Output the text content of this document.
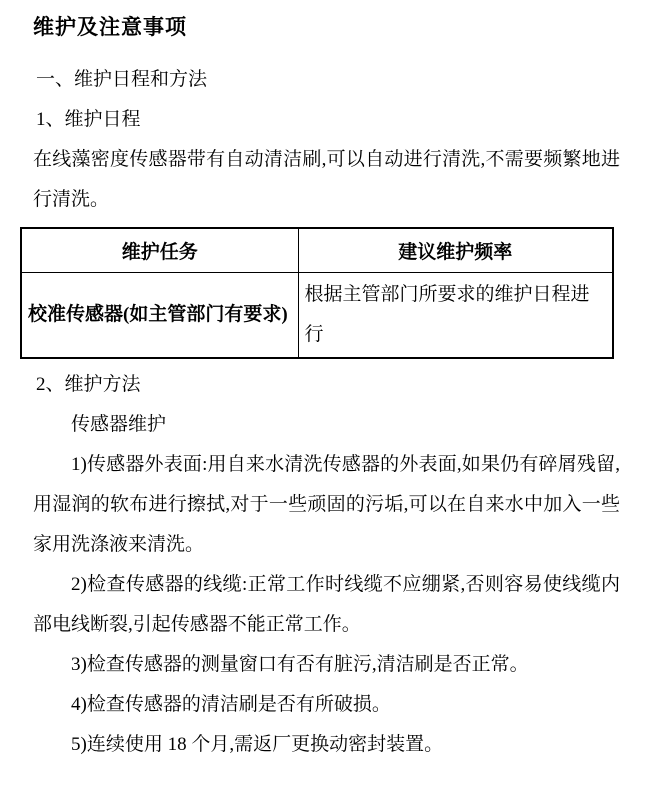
维护及注意事项

一、维护日程和方法

1、维护日程

在线藻密度传感器带有自动清洁刷,可以自动进行清洗,不需要频繁地进行清洗。

维护任务	建议维护频率
校准传感器(如主管部门有要求)	根据主管部门所要求的维护日程进行

2、维护方法

传感器维护

1)传感器外表面:用自来水清洗传感器的外表面,如果仍有碎屑残留,用湿润的软布进行擦拭,对于一些顽固的污垢,可以在自来水中加入一些家用洗涤液来清洗。

2)检查传感器的线缆:正常工作时线缆不应绷紧,否则容易使线缆内部电线断裂,引起传感器不能正常工作。

3)检查传感器的测量窗口有否有脏污,清洁刷是否正常。

4)检查传感器的清洁刷是否有所破损。

5)连续使用 18 个月,需返厂更换动密封装置。
